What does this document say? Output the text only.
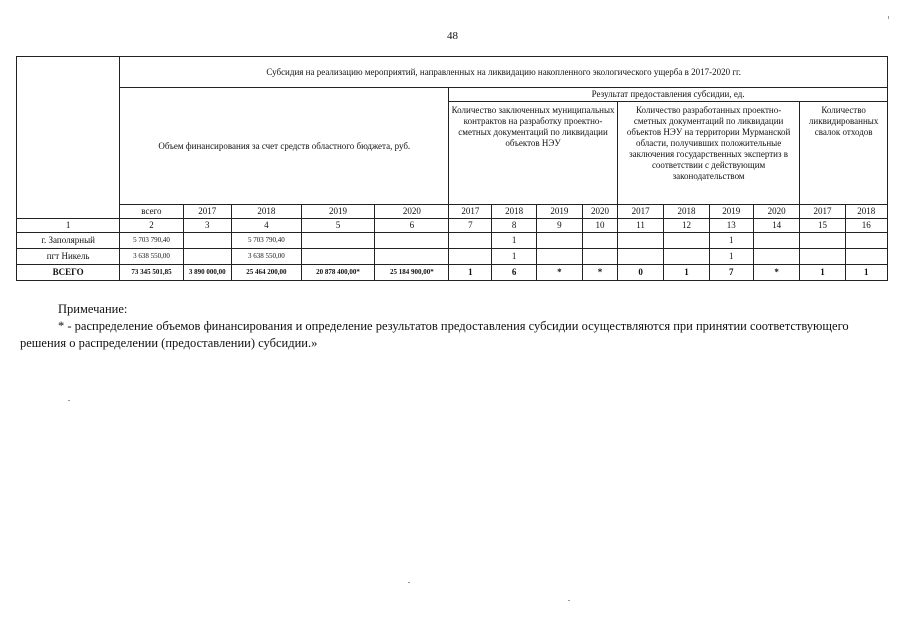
48
	Субсидия на реализацию мероприятий, направленных на ликвидацию накопленного экологического ущерба в 2017-2020 гг.														
	Объем финансирования за счет средств областного бюджета, руб.					Результат предоставления субсидии, ед.									
						Количество заключенных муниципальных контрактов на разработку проектно-сметных документаций по ликвидации объектов НЭУ				Количество разработанных проектно-сметных документаций по ликвидации объектов НЭУ на территории Мурманской области, получивших положительные заключения государственных экспертиз в соответствии с действующим законодательством				Количество ликвидированных свалок отходов	
	всего	2017	2018	2019	2020	2017	2018	2019	2020	2017	2018	2019	2020	2017	2018
1	2	3	4	5	6	7	8	9	10	11	12	13	14	15	16
г. Заполярный	5 703 790,40		5 703 790,40				1					1			
пгт Никель	3 638 550,00		3 638 550,00				1					1			
ВСЕГО	73 345 501,85	3 890 000,00	25 464 200,00	20 878 400,00*	25 184 900,00*	1	6	*	*	0	1	7	*	1	1
Примечание:
* - распределение объемов финансирования и определение результатов предоставления субсидии осуществляются при принятии соответствующего решения о распределении (предоставлении) субсидии.»
